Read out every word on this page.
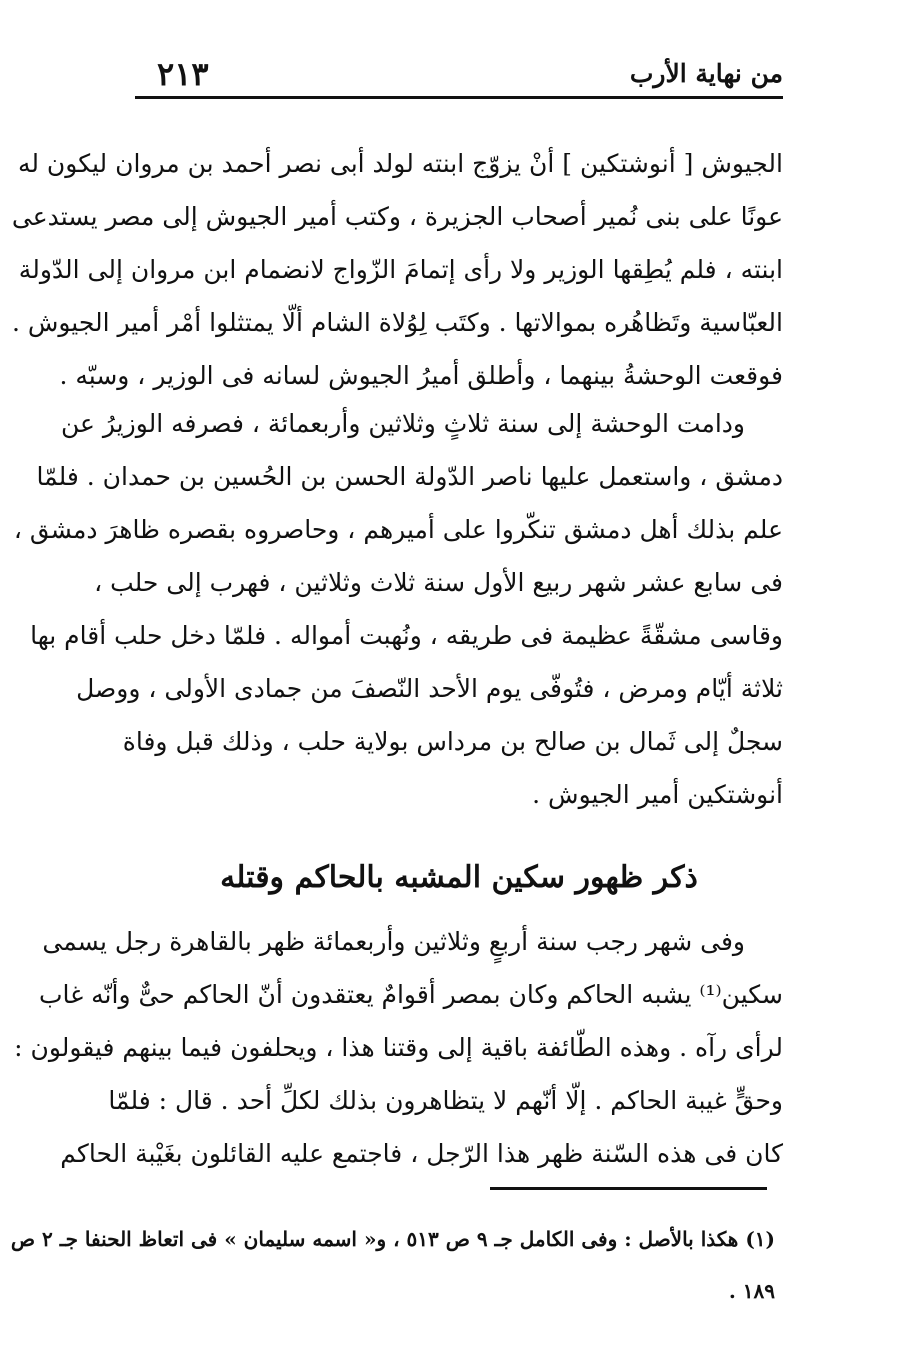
من نهاية الأرب
٢١٣
الجيوش [ أنوشتكين ] أنْ يزوّج ابنته لولد أبى نصر أحمد بن مروان ليكون له
عونًا على بنى نُمير أصحاب الجزيرة ، وكتب أمير الجيوش إلى مصر يستدعى
ابنته ، فلم يُطِقها الوزير ولا رأى إتمامَ الزّواج لانضمام ابن مروان إلى الدّولة
العبّاسية وتَظاهُره بموالاتها . وكتَب لِوُلاة الشام ألّا يمتثلوا أمْر أمير الجيوش .
فوقعت الوحشةُ بينهما ، وأطلق أميرُ الجيوش لسانه فى الوزير ، وسبّه .
ودامت الوحشة إلى سنة ثلاثٍ وثلاثين وأربعمائة ، فصرفه الوزيرُ عن
دمشق ، واستعمل عليها ناصر الدّولة الحسن بن الحُسين بن حمدان . فلمّا
علم بذلك أهل دمشق تنكّروا على أميرهم ، وحاصروه بقصره ظاهرَ دمشق ،
فى سابع عشر شهر ربيع الأول سنة ثلاث وثلاثين ، فهرب إلى حلب ،
وقاسى مشقّةً عظيمة فى طريقه ، ونُهبت أمواله . فلمّا دخل حلب أقام بها
ثلاثة أيّام ومرض ، فتُوفّى يوم الأحد النّصفَ من جمادى الأولى ، ووصل
سجلٌ إلى ثَمال بن صالح بن مرداس بولاية حلب ، وذلك قبل وفاة
أنوشتكين أمير الجيوش .
ذكر ظهور سكين المشبه بالحاكم وقتله
وفى شهر رجب سنة أربعٍ وثلاثين وأربعمائة ظهر بالقاهرة رجل يسمى
سكين⁽¹⁾ يشبه الحاكم وكان بمصر أقوامٌ يعتقدون أنّ الحاكم حىٌّ وأنّه غاب
لرأى رآه . وهذه الطّائفة باقية إلى وقتنا هذا ، ويحلفون فيما بينهم فيقولون :
وحقٍّ غيبة الحاكم . إلّا أنّهم لا يتظاهرون بذلك لكلِّ أحد . قال : فلمّا
كان فى هذه السّنة ظهر هذا الرّجل ، فاجتمع عليه القائلون بغَيْبة الحاكم
(١) هكذا بالأصل : وفى الكامل جـ ٩ ص ٥١٣ ، و« اسمه سليمان » فى اتعاظ الحنفا جـ ٢ ص
١٨٩ .
